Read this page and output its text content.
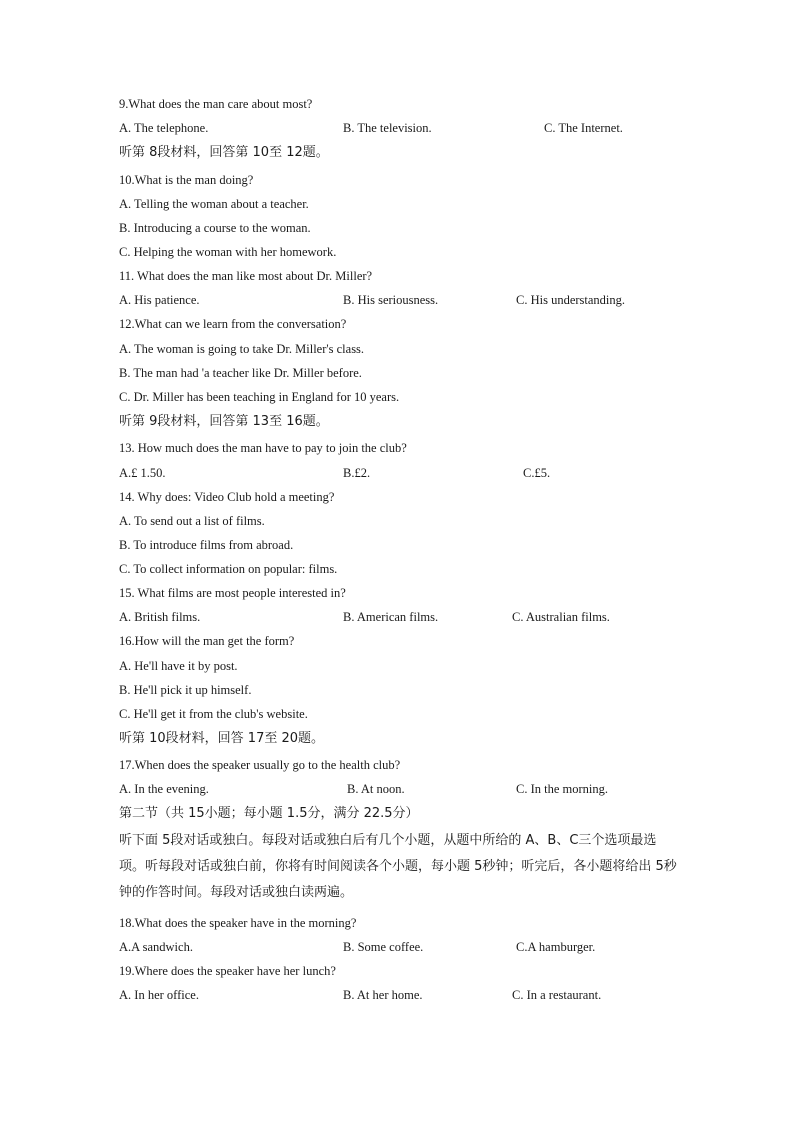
9.What does the man care about most?
A. The telephone.	B. The television.	C. The Internet.
听第 8段材料，回答第 10至 12题。
10.What is the man doing?
A. Telling the woman about a teacher.
B. Introducing a course to the woman.
C. Helping the woman with her homework.
11. What does the man like most about Dr. Miller?
A. His patience.	B. His seriousness.	C. His understanding.
12.What can we learn from the conversation?
A. The woman is going to take Dr. Miller's class.
B. The man had 'a teacher like Dr. Miller before.
C. Dr. Miller has been teaching in England for 10 years.
听第 9段材料，回答第 13至 16题。
13. How much does the man have to pay to join the club?
A.£ 1.50.	B.£2.	C.£5.
14. Why does: Video Club hold a meeting?
A. To send out a list of films.
B. To introduce films from abroad.
C. To collect information on popular: films.
15. What films are most people interested in?
A. British films.	B. American films.	C. Australian films.
16.How will the man get the form?
A. He'll have it by post.
B. He'll pick it up himself.
C. He'll get it from the club's website.
听第 10段材料，回答 17至 20题。
17.When does the speaker usually go to the health club?
A. In the evening.	B. At noon.	C. In the morning.
第二节（共 15小题；每小题 1.5分，满分 22.5分）
听下面 5段对话或独白。每段对话或独白后有几个小题，从题中所给的 A、B、C三个选项最选项。听每段对话或独白前，你将有时间阅读各个小题，每小题 5秒钟；听完后，各小题将给出 5秒钟的作答时间。每段对话或独白读两遍。
18.What does the speaker have in the morning?
A.A sandwich.	B. Some coffee.	C.A hamburger.
19.Where does the speaker have her lunch?
A. In her office.	B. At her home.	C. In a restaurant.
